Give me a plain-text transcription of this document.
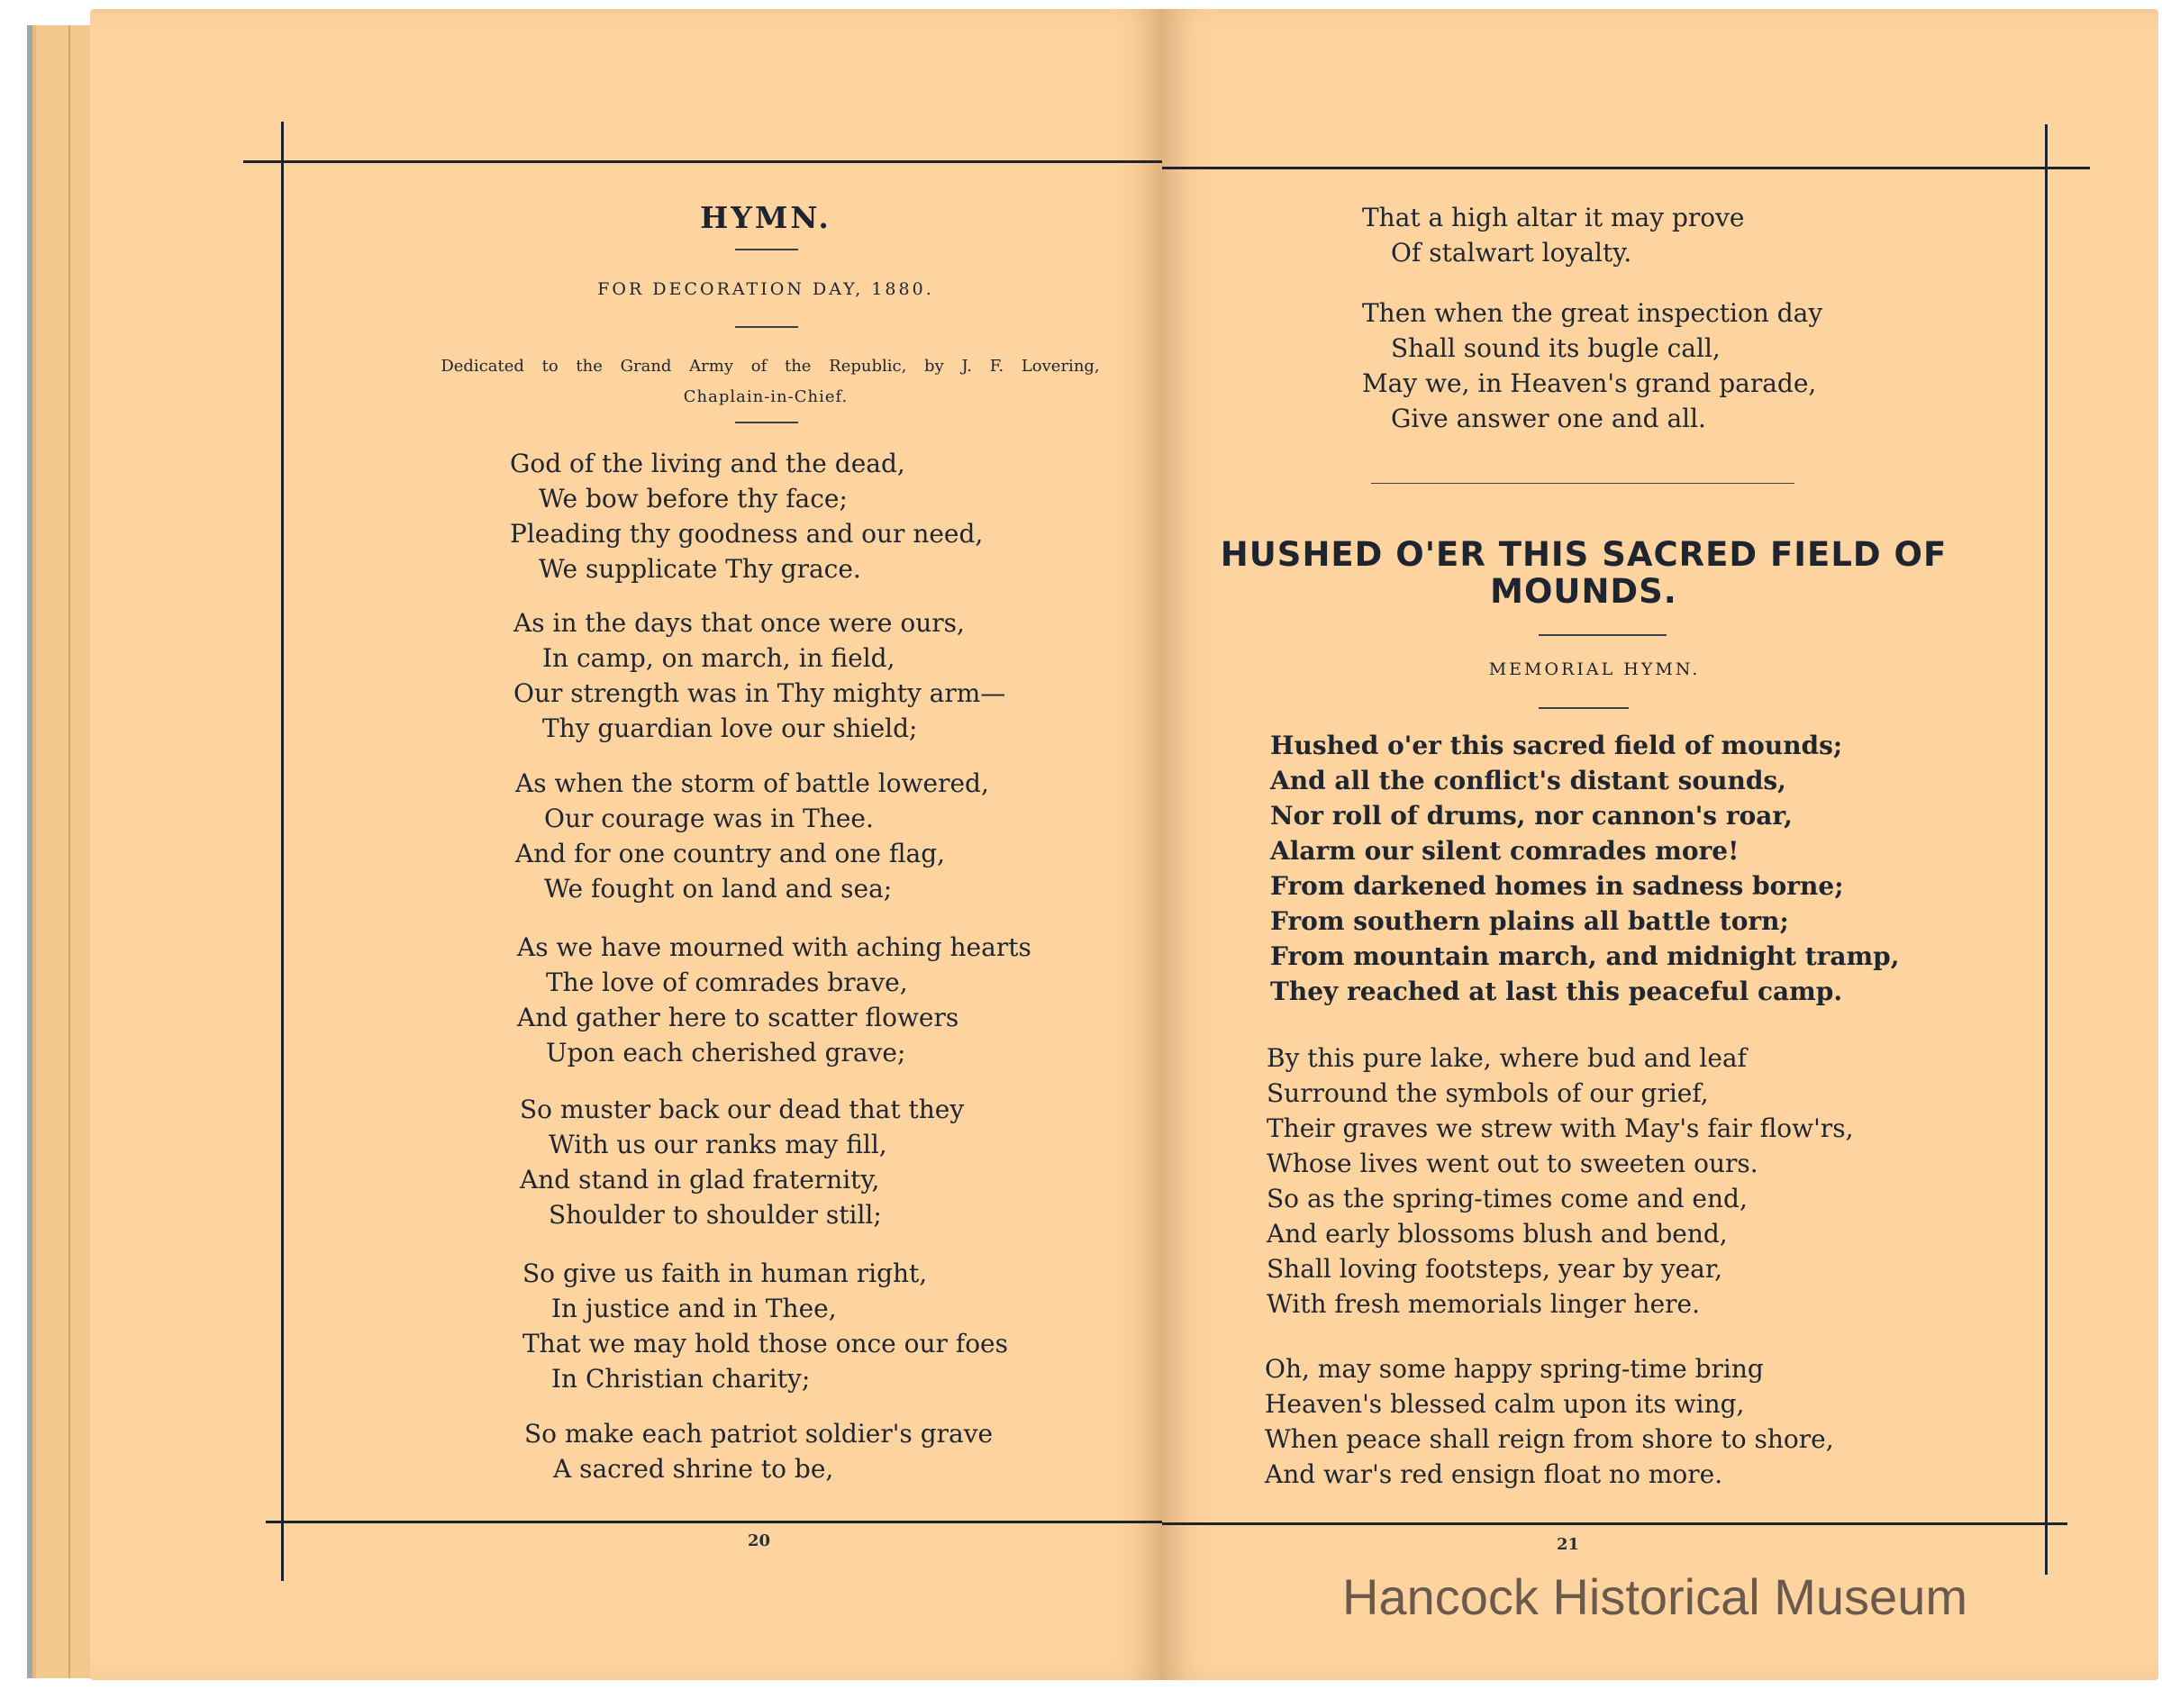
HYMN.
FOR DECORATION DAY, 1880.
Dedicated to the Grand Army of the Republic, by J. F. Lovering,
Chaplain-in-Chief.
God of the living and the dead,
We bow before thy face;
Pleading thy goodness and our need,
We supplicate Thy grace.
As in the days that once were ours,
In camp, on march, in field,
Our strength was in Thy mighty arm—
Thy guardian love our shield;
As when the storm of battle lowered,
Our courage was in Thee.
And for one country and one flag,
We fought on land and sea;
As we have mourned with aching hearts
The love of comrades brave,
And gather here to scatter flowers
Upon each cherished grave;
So muster back our dead that they
With us our ranks may fill,
And stand in glad fraternity,
Shoulder to shoulder still;
So give us faith in human right,
In justice and in Thee,
That we may hold those once our foes
In Christian charity;
So make each patriot soldier's grave
A sacred shrine to be,
20
That a high altar it may prove
Of stalwart loyalty.
Then when the great inspection day
Shall sound its bugle call,
May we, in Heaven's grand parade,
Give answer one and all.
HUSHED O'ER THIS SACRED FIELD OF
MOUNDS.
MEMORIAL HYMN.
Hushed o'er this sacred field of mounds;
And all the conflict's distant sounds,
Nor roll of drums, nor cannon's roar,
Alarm our silent comrades more!
From darkened homes in sadness borne;
From southern plains all battle torn;
From mountain march, and midnight tramp,
They reached at last this peaceful camp.
By this pure lake, where bud and leaf
Surround the symbols of our grief,
Their graves we strew with May's fair flow'rs,
Whose lives went out to sweeten ours.
So as the spring-times come and end,
And early blossoms blush and bend,
Shall loving footsteps, year by year,
With fresh memorials linger here.
Oh, may some happy spring-time bring
Heaven's blessed calm upon its wing,
When peace shall reign from shore to shore,
And war's red ensign float no more.
21
Hancock Historical Museum
